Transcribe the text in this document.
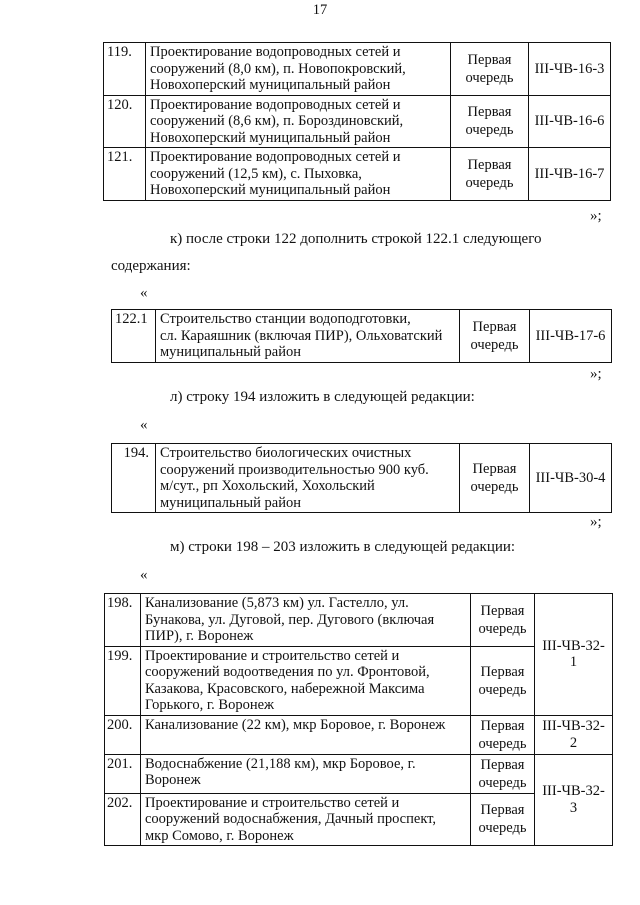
17
119.	Проектирование водопроводных сетей и
сооружений (8,0 км), п. Новопокровский,
Новохоперский муниципальный район	Первая
очередь	III-ЧВ-16-3
120.	Проектирование водопроводных сетей и
сооружений (8,6 км), п. Бороздиновский,
Новохоперский муниципальный район	Первая
очередь	III-ЧВ-16-6
121.	Проектирование водопроводных сетей и
сооружений (12,5 км), с. Пыховка,
Новохоперский муниципальный район	Первая
очередь	III-ЧВ-16-7
»;
к) после строки 122 дополнить строкой 122.1 следующего
содержания:
«
122.1	Строительство станции водоподготовки,
сл. Караяшник (включая ПИР), Ольховатский
муниципальный район	Первая
очередь	III-ЧВ-17-6
»;
л) строку 194 изложить в следующей редакции:
«
194.	Строительство биологических очистных
сооружений производительностью 900 куб.
м/сут., рп Хохольский, Хохольский
муниципальный район	Первая
очередь	III-ЧВ-30-4
»;
м) строки 198 – 203 изложить в следующей редакции:
«
198.	Канализование (5,873 км) ул. Гастелло, ул.
Бунакова, ул. Дуговой, пер. Дугового (включая
ПИР), г. Воронеж	Первая
очередь	III-ЧВ-32-1
199.	Проектирование и строительство сетей и
сооружений водоотведения по ул. Фронтовой,
Казакова, Красовского, набережной Максима
Горького, г. Воронеж	Первая
очередь	
200.	Канализование (22 км), мкр Боровое, г. Воронеж	Первая
очередь	III-ЧВ-32-2
201.	Водоснабжение (21,188 км), мкр Боровое, г.
Воронеж	Первая
очередь	III-ЧВ-32-3
202.	Проектирование и строительство сетей и
сооружений водоснабжения, Дачный проспект,
мкр Сомово, г. Воронеж	Первая
очередь	
